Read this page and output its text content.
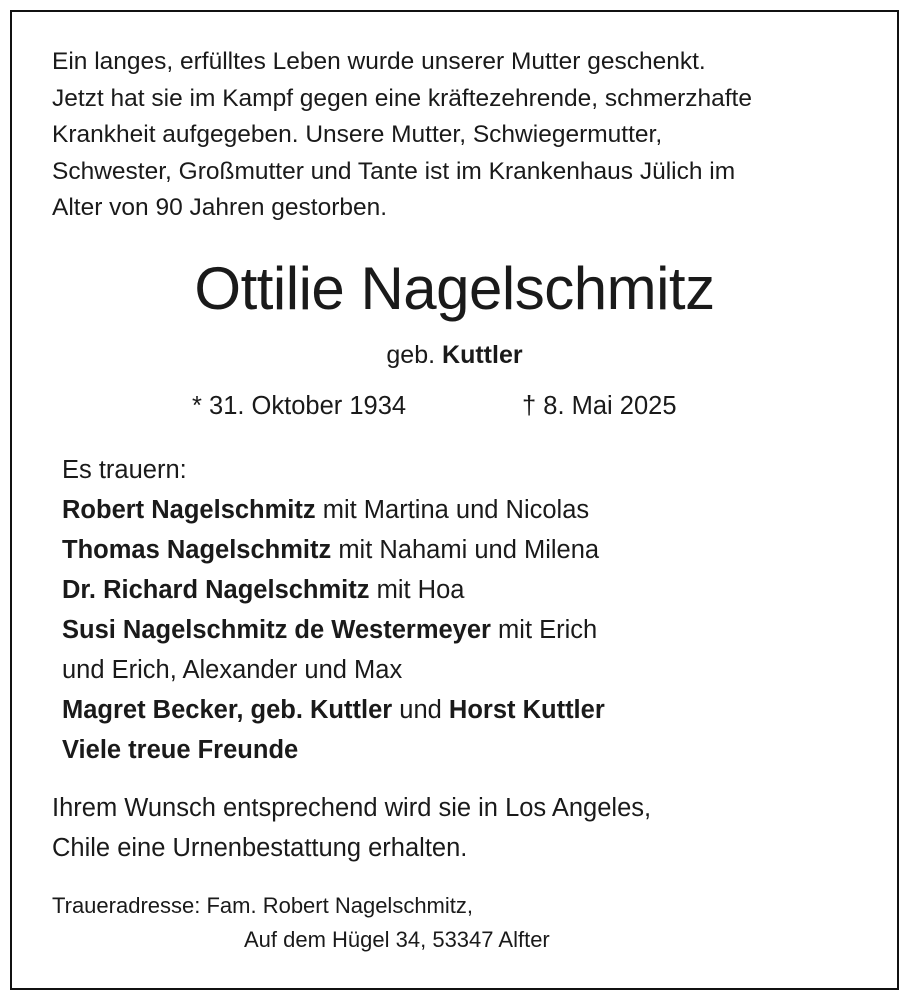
Ein langes, erfülltes Leben wurde unserer Mutter geschenkt.
Jetzt hat sie im Kampf gegen eine kräftezehrende, schmerzhafte
Krankheit aufgegeben. Unsere Mutter, Schwiegermutter,
Schwester, Großmutter und Tante ist im Krankenhaus Jülich im
Alter von 90 Jahren gestorben.
Ottilie Nagelschmitz
geb. Kuttler
* 31. Oktober 1934	† 8. Mai 2025
Es trauern:
Robert Nagelschmitz mit Martina und Nicolas
Thomas Nagelschmitz mit Nahami und Milena
Dr. Richard Nagelschmitz mit Hoa
Susi Nagelschmitz de Westermeyer mit Erich
und Erich, Alexander und Max
Magret Becker, geb. Kuttler und Horst Kuttler
Viele treue Freunde
Ihrem Wunsch entsprechend wird sie in Los Angeles,
Chile eine Urnenbestattung erhalten.
Traueradresse: Fam. Robert Nagelschmitz,
Auf dem Hügel 34, 53347 Alfter
